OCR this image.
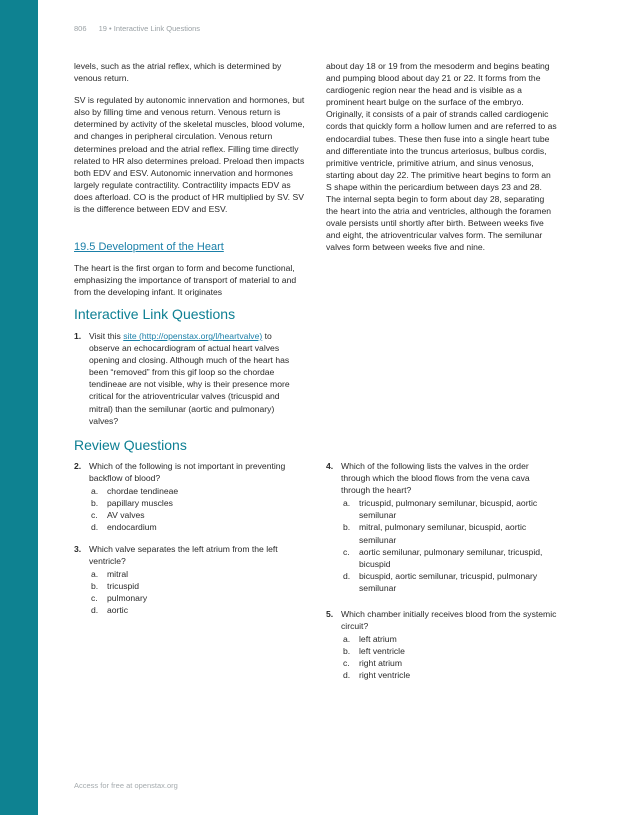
806 19 • Interactive Link Questions

levels, such as the atrial reflex, which is determined by venous return.

SV is regulated by autonomic innervation and hormones, but also by filling time and venous return. Venous return is determined by activity of the skeletal muscles, blood volume, and changes in peripheral circulation. Venous return determines preload and the atrial reflex. Filling time directly related to HR also determines preload. Preload then impacts both EDV and ESV. Autonomic innervation and hormones largely regulate contractility. Contractility impacts EDV as does afterload. CO is the product of HR multiplied by SV. SV is the difference between EDV and ESV.

19.5 Development of the Heart

The heart is the first organ to form and become functional, emphasizing the importance of transport of material to and from the developing infant. It originates

about day 18 or 19 from the mesoderm and begins beating and pumping blood about day 21 or 22. It forms from the cardiogenic region near the head and is visible as a prominent heart bulge on the surface of the embryo. Originally, it consists of a pair of strands called cardiogenic cords that quickly form a hollow lumen and are referred to as endocardial tubes. These then fuse into a single heart tube and differentiate into the truncus arteriosus, bulbus cordis, primitive ventricle, primitive atrium, and sinus venosus, starting about day 22. The primitive heart begins to form an S shape within the pericardium between days 23 and 28. The internal septa begin to form about day 28, separating the heart into the atria and ventricles, although the foramen ovale persists until shortly after birth. Between weeks five and eight, the atrioventricular valves form. The semilunar valves form between weeks five and nine.

Interactive Link Questions
1. Visit this site (http://openstax.org/l/heartvalve) to observe an echocardiogram of actual heart valves opening and closing. Although much of the heart has been “removed” from this gif loop so the chordae tendineae are not visible, why is their presence more critical for the atrioventricular valves (tricuspid and mitral) than the semilunar (aortic and pulmonary) valves?
Review Questions
2. Which of the following is not important in preventing backflow of blood?
a. chordae tendineae
b. papillary muscles
c. AV valves
d. endocardium
3. Which valve separates the left atrium from the left ventricle?
a. mitral
b. tricuspid
c. pulmonary
d. aortic
4. Which of the following lists the valves in the order through which the blood flows from the vena cava through the heart?
a. tricuspid, pulmonary semilunar, bicuspid, aortic semilunar
b. mitral, pulmonary semilunar, bicuspid, aortic semilunar
c. aortic semilunar, pulmonary semilunar, tricuspid, bicuspid
d. bicuspid, aortic semilunar, tricuspid, pulmonary semilunar
5. Which chamber initially receives blood from the systemic circuit?
a. left atrium
b. left ventricle
c. right atrium
d. right ventricle
Access for free at openstax.org
